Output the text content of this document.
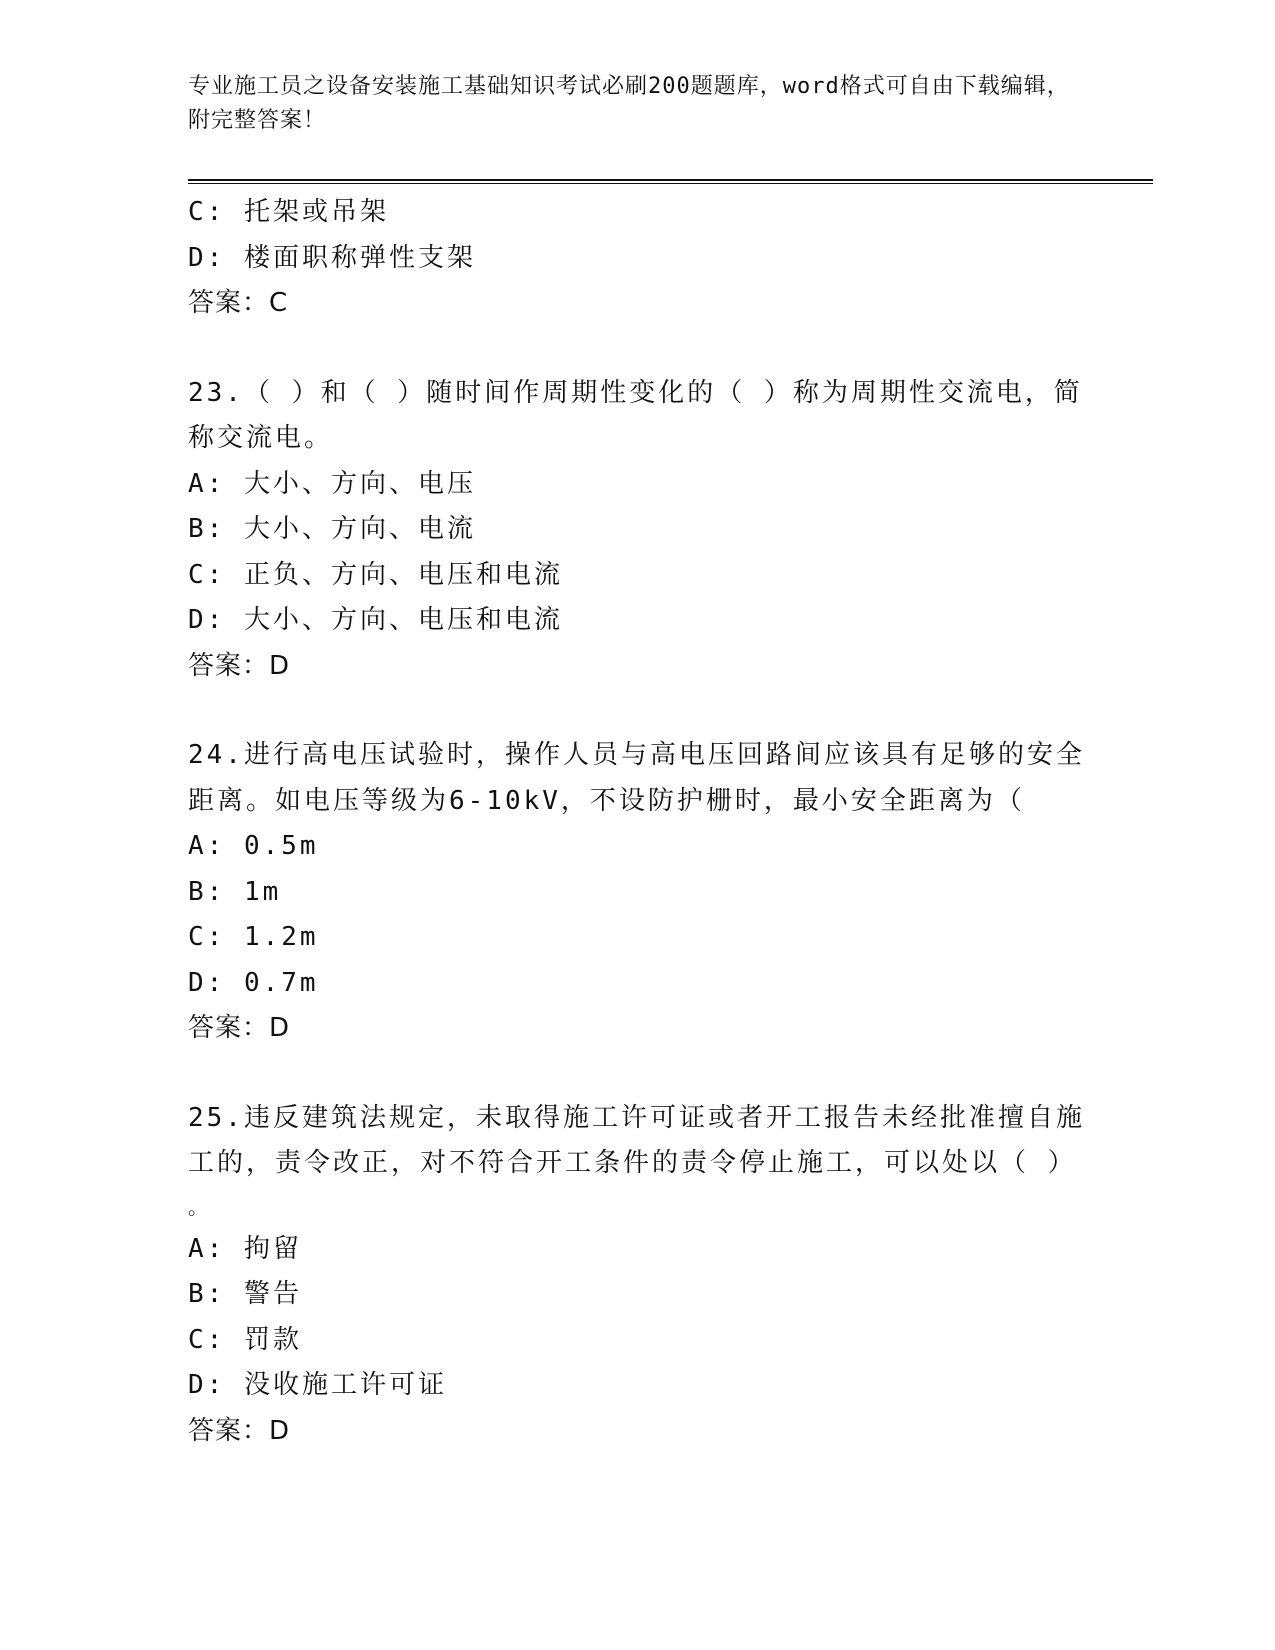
专业施工员之设备安装施工基础知识考试必刷200题题库，word格式可自由下载编辑，附完整答案！
C: 托架或吊架
D: 楼面职称弹性支架
答案：C
23.（ ）和（ ）随时间作周期性变化的（ ）称为周期性交流电，简
称交流电。
A: 大小、方向、电压
B: 大小、方向、电流
C: 正负、方向、电压和电流
D: 大小、方向、电压和电流
答案：D
24.进行高电压试验时，操作人员与高电压回路间应该具有足够的安全
距离。如电压等级为6-10kV，不设防护栅时，最小安全距离为（
A: 0.5m
B: 1m
C: 1.2m
D: 0.7m
答案：D
25.违反建筑法规定，未取得施工许可证或者开工报告未经批准擅自施
工的，责令改正，对不符合开工条件的责令停止施工，可以处以（ ）
。
A: 拘留
B: 警告
C: 罚款
D: 没收施工许可证
答案：D
